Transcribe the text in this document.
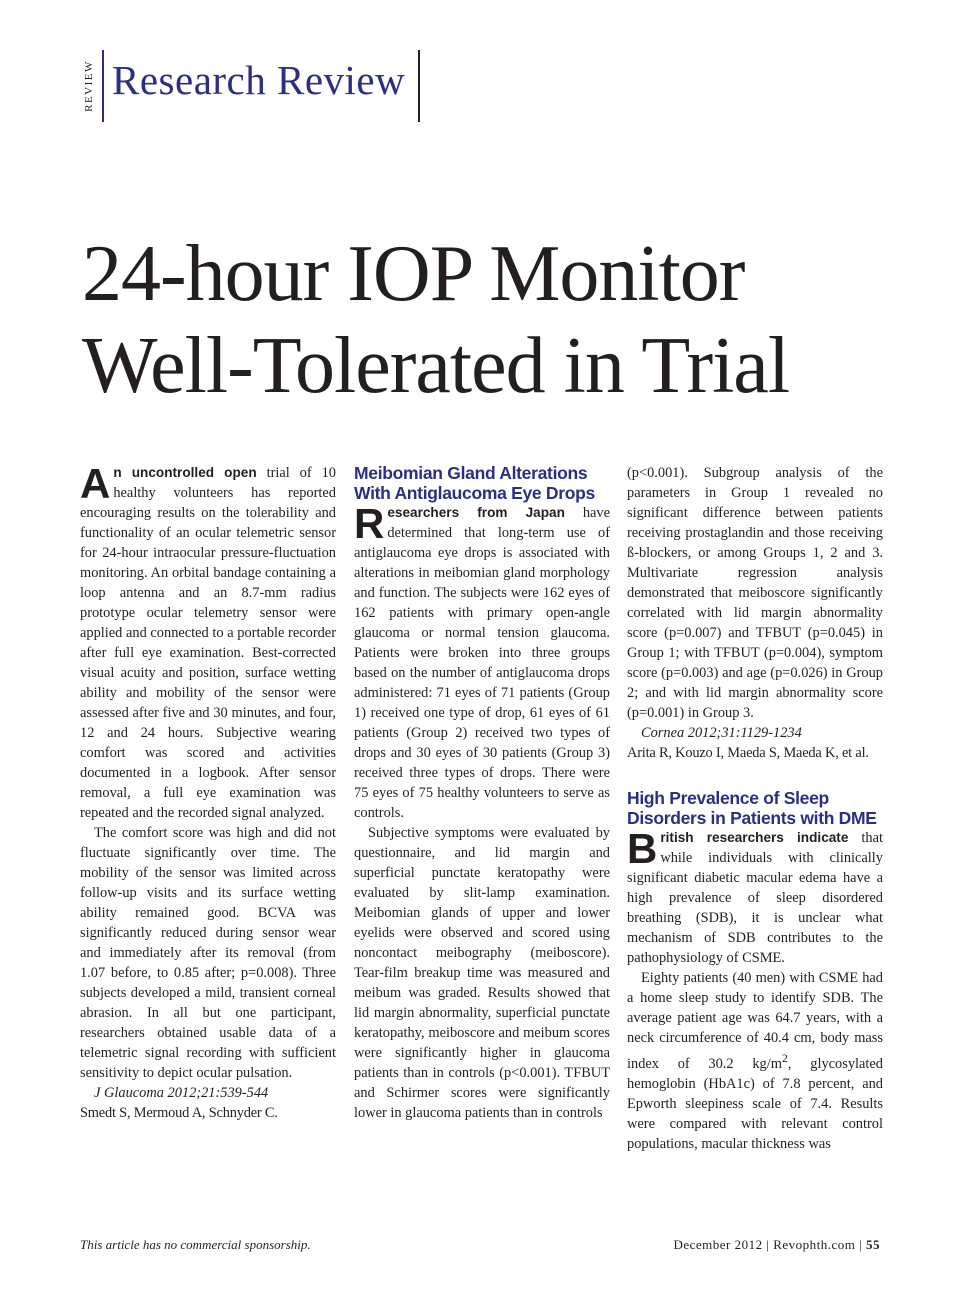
REVIEW Research Review
24-hour IOP Monitor Well-Tolerated in Trial

An uncontrolled open trial of 10 healthy volunteers has reported encouraging results on the tolerability and functionality of an ocular telemetric sensor for 24-hour intraocular pressure-fluctuation monitoring. An orbital bandage containing a loop antenna and an 8.7-mm radius prototype ocular telemetry sensor were applied and connected to a portable recorder after full eye examination. Best-corrected visual acuity and position, surface wetting ability and mobility of the sensor were assessed after five and 30 minutes, and four, 12 and 24 hours. Subjective wearing comfort was scored and activities documented in a logbook. After sensor removal, a full eye examination was repeated and the recorded signal analyzed.

The comfort score was high and did not fluctuate significantly over time. The mobility of the sensor was limited across follow-up visits and its surface wetting ability remained good. BCVA was significantly reduced during sensor wear and immediately after its removal (from 1.07 before, to 0.85 after; p=0.008). Three subjects developed a mild, transient corneal abrasion. In all but one participant, researchers obtained usable data of a telemetric signal recording with sufficient sensitivity to depict ocular pulsation.

J Glaucoma 2012;21:539-544

Smedt S, Mermoud A, Schnyder C.

Meibomian Gland Alterations With Antiglaucoma Eye Drops

Researchers from Japan have determined that long-term use of antiglaucoma eye drops is associated with alterations in meibomian gland morphology and function. The subjects were 162 eyes of 162 patients with primary open-angle glaucoma or normal tension glaucoma. Patients were broken into three groups based on the number of antiglaucoma drops administered: 71 eyes of 71 patients (Group 1) received one type of drop, 61 eyes of 61 patients (Group 2) received two types of drops and 30 eyes of 30 patients (Group 3) received three types of drops. There were 75 eyes of 75 healthy volunteers to serve as controls.

Subjective symptoms were evaluated by questionnaire, and lid margin and superficial punctate keratopathy were evaluated by slit-lamp examination. Meibomian glands of upper and lower eyelids were observed and scored using noncontact meibography (meiboscore). Tear-film breakup time was measured and meibum was graded. Results showed that lid margin abnormality, superficial punctate keratopathy, meiboscore and meibum scores were significantly higher in glaucoma patients than in controls (p<0.001). TFBUT and Schirmer scores were significantly lower in glaucoma patients than in controls

(p<0.001). Subgroup analysis of the parameters in Group 1 revealed no significant difference between patients receiving prostaglandin and those receiving ß-blockers, or among Groups 1, 2 and 3. Multivariate regression analysis demonstrated that meiboscore significantly correlated with lid margin abnormality score (p=0.007) and TFBUT (p=0.045) in Group 1; with TFBUT (p=0.004), symptom score (p=0.003) and age (p=0.026) in Group 2; and with lid margin abnormality score (p=0.001) in Group 3.

Cornea 2012;31:1129-1234

Arita R, Kouzo I, Maeda S, Maeda K, et al.

High Prevalence of Sleep Disorders in Patients with DME

British researchers indicate that while individuals with clinically significant diabetic macular edema have a high prevalence of sleep disordered breathing (SDB), it is unclear what mechanism of SDB contributes to the pathophysiology of CSME.

Eighty patients (40 men) with CSME had a home sleep study to identify SDB. The average patient age was 64.7 years, with a neck circumference of 40.4 cm, body mass index of 30.2 $kg/m^2$, glycosylated hemoglobin (HbA1c) of 7.8 percent, and Epworth sleepiness scale of 7.4. Results were compared with relevant control populations, macular thickness was

This article has no commercial sponsorship.	December 2012 | Revophth.com | 55
